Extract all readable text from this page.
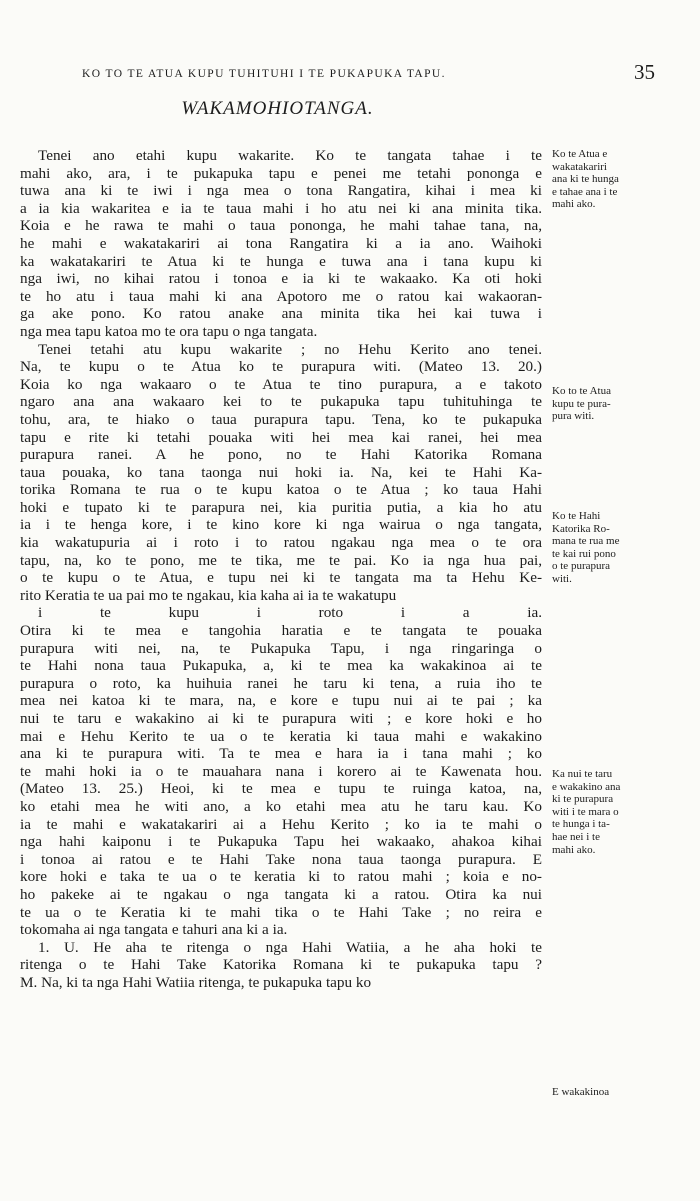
KO TO TE ATUA KUPU TUHITUHI I TE PUKAPUKA TAPU.	35
WAKAMOHIOTANGA.
Tenei ano etahi kupu wakarite. Ko te tangata tahae i te
mahi ako, ara, i te pukapuka tapu e penei me tetahi pononga e
tuwa ana ki te iwi i nga mea o tona Rangatira, kihai i mea ki
a ia kia wakaritea e ia te taua mahi i ho atu nei ki ana minita tika.
Koia e he rawa te mahi o taua pononga, he mahi tahae tana, na,
he mahi e wakatakariri ai tona Rangatira ki a ia ano. Waihoki
ka wakatakariri te Atua ki te hunga e tuwa ana i tana kupu ki
nga iwi, no kihai ratou i tonoa e ia ki te wakaako. Ka oti hoki
te ho atu i taua mahi ki ana Apotoro me o ratou kai wakaoran-
ga ake pono. Ko ratou anake ana minita tika hei kai tuwa i
nga mea tapu katoa mo te ora tapu o nga tangata.
Tenei tetahi atu kupu wakarite ; no Hehu Kerito ano tenei.
Na, te kupu o te Atua ko te purapura witi. (Mateo 13. 20.)
Koia ko nga wakaaro o te Atua te tino purapura, a e takoto
ngaro ana ana wakaaro kei to te pukapuka tapu tuhituhinga te
tohu, ara, te hiako o taua purapura tapu. Tena, ko te pukapuka
tapu e rite ki tetahi pouaka witi hei mea kai ranei, hei mea
purapura ranei. A he pono, no te Hahi Katorika Romana
taua pouaka, ko tana taonga nui hoki ia. Na, kei te Hahi Ka-
torika Romana te rua o te kupu katoa o te Atua ; ko taua Hahi
hoki e tupato ki te parapura nei, kia puritia putia, a kia ho atu
ia i te henga kore, i te kino kore ki nga wairua o nga tangata,
kia wakatupuria ai i roto i to ratou ngakau nga mea o te ora
tapu, na, ko te pono, me te tika, me te pai. Ko ia nga hua pai,
o te kupu o te Atua, e tupu nei ki te tangata ma ta Hehu Ke-
rito Keratia te ua pai mo te ngakau, kia kaha ai ia te wakatupu
i te kupu i roto i a ia.
Otira ki te mea e tangohia haratia e te tangata te pouaka
purapura witi nei, na, te Pukapuka Tapu, i nga ringaringa o
te Hahi nona taua Pukapuka, a, ki te mea ka wakakinoa ai te
purapura o roto, ka huihuia ranei he taru ki tena, a ruia iho te
mea nei katoa ki te mara, na, e kore e tupu nui ai te pai ; ka
nui te taru e wakakino ai ki te purapura witi ; e kore hoki e ho
mai e Hehu Kerito te ua o te keratia ki taua mahi e wakakino
ana ki te purapura witi. Ta te mea e hara ia i tana mahi ; ko
te mahi hoki ia o te mauahara nana i korero ai te Kawenata hou.
(Mateo 13. 25.) Heoi, ki te mea e tupu te ruinga katoa, na,
ko etahi mea he witi ano, a ko etahi mea atu he taru kau. Ko
ia te mahi e wakatakariri ai a Hehu Kerito ; ko ia te mahi o
nga hahi kaiponu i te Pukapuka Tapu hei wakaako, ahakoa kihai
i tonoa ai ratou e te Hahi Take nona taua taonga purapura. E
kore hoki e taka te ua o te keratia ki to ratou mahi ; koia e no-
ho pakeke ai te ngakau o nga tangata ki a ratou. Otira ka nui
te ua o te Keratia ki te mahi tika o te Hahi Take ; no reira e
tokomaha ai nga tangata e tahuri ana ki a ia.
1. U. He aha te ritenga o nga Hahi Watiia, a he aha hoki te
ritenga o te Hahi Take Katorika Romana ki te pukapuka tapu ?
M. Na, ki ta nga Hahi Watiia ritenga, te pukapuka tapu ko
Ko te Atua e
wakatakariri
ana ki te hunga
e tahae ana i te
mahi ako.
Ko to te Atua
kupu te pura-
pura witi.
Ko te Hahi
Katorika Ro-
mana te rua me
te kai rui pono
o te purapura
witi.
Ka nui te taru
e wakakino ana
ki te purapura
witi i te mara o
te hunga i ta-
hae nei i te
mahi ako.
E wakakinoa
